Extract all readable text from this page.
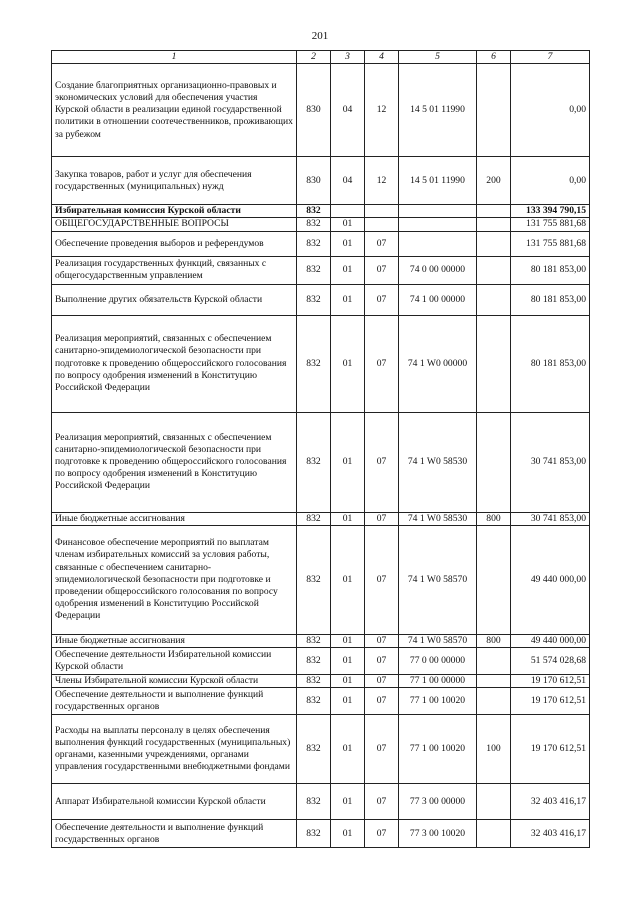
201
1	2	3	4	5	6	7
Создание благоприятных организационно-правовых и экономических условий для обеспечения участия Курской области в реализации единой государственной политики в отношении соотечественников, проживающих за рубежом	830	04	12	14 5 01 11990		0,00
Закупка товаров, работ и услуг для обеспечения государственных (муниципальных) нужд	830	04	12	14 5 01 11990	200	0,00
Избирательная комиссия Курской области	832					133 394 790,15
ОБЩЕГОСУДАРСТВЕННЫЕ ВОПРОСЫ	832	01				131 755 881,68
Обеспечение проведения выборов и референдумов	832	01	07			131 755 881,68
Реализация государственных функций, связанных с общегосударственным управлением	832	01	07	74 0 00 00000		80 181 853,00
Выполнение других обязательств Курской области	832	01	07	74 1 00 00000		80 181 853,00
Реализация мероприятий, связанных с обеспечением санитарно-эпидемиологической безопасности при подготовке к проведению общероссийского голосования по вопросу одобрения изменений в Конституцию Российской Федерации	832	01	07	74 1 W0 00000		80 181 853,00
Реализация мероприятий, связанных с обеспечением санитарно-эпидемиологической безопасности при подготовке к проведению общероссийского голосования по вопросу одобрения изменений в Конституцию Российской Федерации	832	01	07	74 1 W0 58530		30 741 853,00
Иные бюджетные ассигнования	832	01	07	74 1 W0 58530	800	30 741 853,00
Финансовое обеспечение мероприятий по выплатам членам избирательных комиссий за условия работы, связанные с обеспечением санитарно-эпидемиологической безопасности при подготовке и проведении общероссийского голосования по вопросу одобрения изменений в Конституцию Российской Федерации	832	01	07	74 1 W0 58570		49 440 000,00
Иные бюджетные ассигнования	832	01	07	74 1 W0 58570	800	49 440 000,00
Обеспечение деятельности Избирательной комиссии Курской области	832	01	07	77 0 00 00000		51 574 028,68
Члены Избирательной комиссии Курской области	832	01	07	77 1 00 00000		19 170 612,51
Обеспечение деятельности и выполнение функций государственных органов	832	01	07	77 1 00 10020		19 170 612,51
Расходы на выплаты персоналу в целях обеспечения выполнения функций государственных (муниципальных) органами, казенными учреждениями, органами управления государственными внебюджетными фондами	832	01	07	77 1 00 10020	100	19 170 612,51
Аппарат Избирательной комиссии Курской области	832	01	07	77 3 00 00000		32 403 416,17
Обеспечение деятельности и выполнение функций государственных органов	832	01	07	77 3 00 10020		32 403 416,17
